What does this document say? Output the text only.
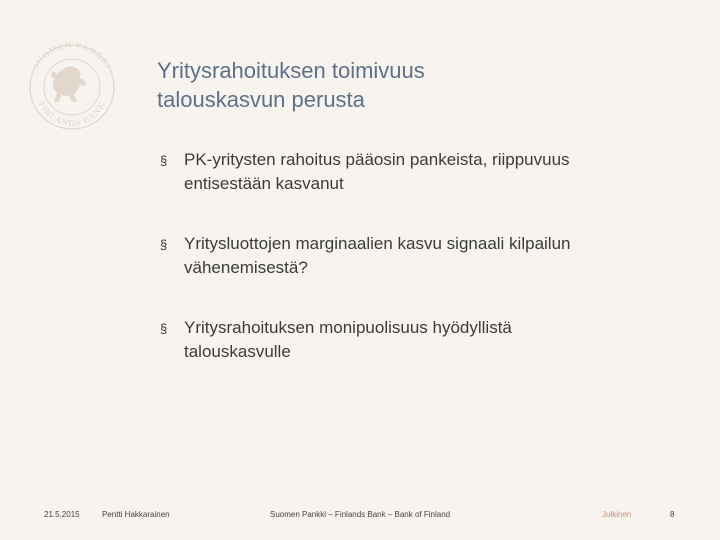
SUOMEN PANKKI
FINLANDS BANK
Yritysrahoituksen toimivuus
talouskasvun perusta
§ PK-yritysten rahoitus pääosin pankeista, riippuvuus
entisestään kasvanut
§ Yritysluottojen marginaalien kasvu signaali kilpailun
vähenemisestä?
§ Yritysrahoituksen monipuolisuus hyödyllistä
talouskasvulle
21.5.2015	Pentti Hakkarainen	Suomen Pankki – Finlands Bank – Bank of Finland	Julkinen	8
